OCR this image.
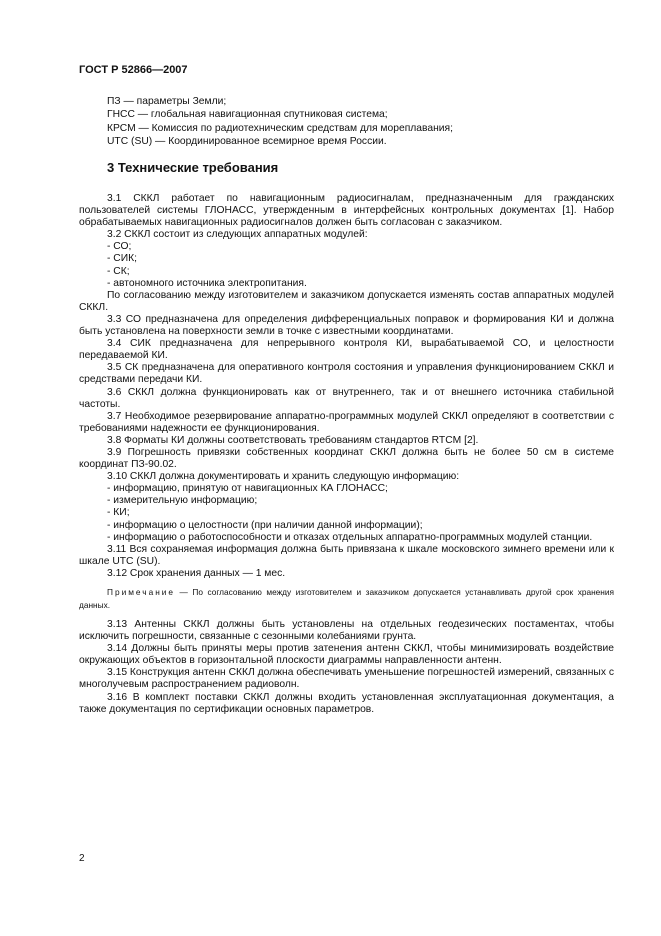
ГОСТ Р 52866—2007
ПЗ — параметры Земли;
ГНСС — глобальная навигационная спутниковая система;
КРСМ — Комиссия по радиотехническим средствам для мореплавания;
UTC (SU) — Координированное всемирное время России.
3 Технические требования
3.1 СККЛ работает по навигационным радиосигналам, предназначенным для гражданских пользователей системы ГЛОНАСС, утвержденным в интерфейсных контрольных документах [1]. Набор обрабатываемых навигационных радиосигналов должен быть согласован с заказчиком.
3.2 СККЛ состоит из следующих аппаратных модулей:
- СО;
- СИК;
- СК;
- автономного источника электропитания.
По согласованию между изготовителем и заказчиком допускается изменять состав аппаратных модулей СККЛ.
3.3 СО предназначена для определения дифференциальных поправок и формирования КИ и должна быть установлена на поверхности земли в точке с известными координатами.
3.4 СИК предназначена для непрерывного контроля КИ, вырабатываемой СО, и целостности передаваемой КИ.
3.5 СК предназначена для оперативного контроля состояния и управления функционированием СККЛ и средствами передачи КИ.
3.6 СККЛ должна функционировать как от внутреннего, так и от внешнего источника стабильной частоты.
3.7 Необходимое резервирование аппаратно-программных модулей СККЛ определяют в соответствии с требованиями надежности ее функционирования.
3.8 Форматы КИ должны соответствовать требованиям стандартов RTCM [2].
3.9 Погрешность привязки собственных координат СККЛ должна быть не более 50 см в системе координат ПЗ-90.02.
3.10 СККЛ должна документировать и хранить следующую информацию:
- информацию, принятую от навигационных КА ГЛОНАСС;
- измерительную информацию;
- КИ;
- информацию о целостности (при наличии данной информации);
- информацию о работоспособности и отказах отдельных аппаратно-программных модулей станции.
3.11 Вся сохраняемая информация должна быть привязана к шкале московского зимнего времени или к шкале UTC (SU).
3.12 Срок хранения данных — 1 мес.
Примечание — По согласованию между изготовителем и заказчиком допускается устанавливать другой срок хранения данных.
3.13 Антенны СККЛ должны быть установлены на отдельных геодезических постаментах, чтобы исключить погрешности, связанные с сезонными колебаниями грунта.
3.14 Должны быть приняты меры против затенения антенн СККЛ, чтобы минимизировать воздействие окружающих объектов в горизонтальной плоскости диаграммы направленности антенн.
3.15 Конструкция антенн СККЛ должна обеспечивать уменьшение погрешностей измерений, связанных с многолучевым распространением радиоволн.
3.16 В комплект поставки СККЛ должны входить установленная эксплуатационная документация, а также документация по сертификации основных параметров.
2
